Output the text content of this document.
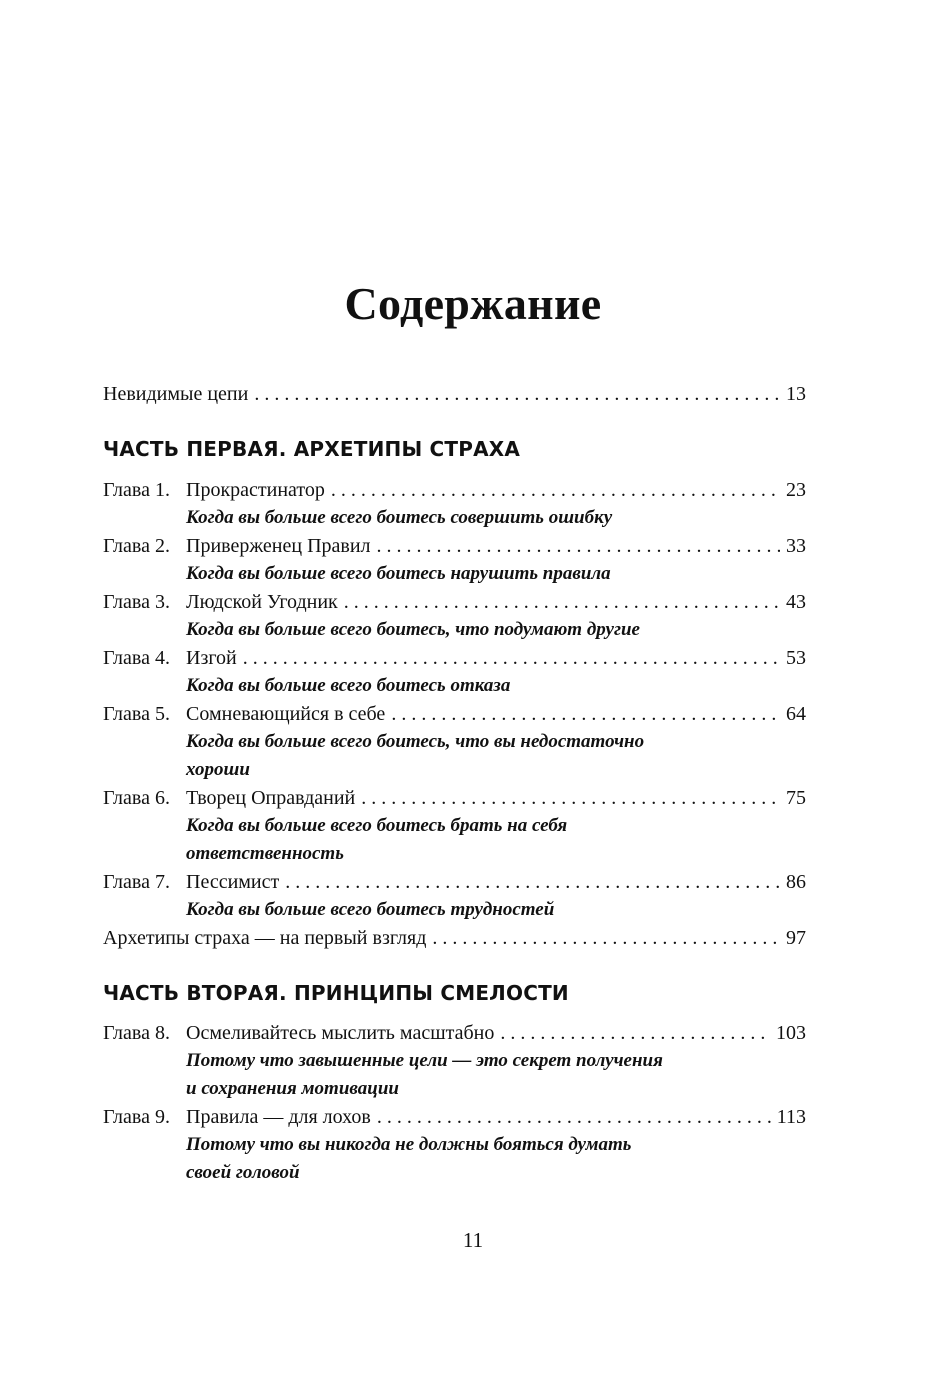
Содержание
Невидимые цепи . . .	13
ЧАСТЬ ПЕРВАЯ. АРХЕТИПЫ СТРАХА
Глава 1. Прокрастинатор . . .	23
Когда вы больше всего боитесь совершить ошибку
Глава 2. Приверженец Правил . . .	33
Когда вы больше всего боитесь нарушить правила
Глава 3. Людской Угодник . . .	43
Когда вы больше всего боитесь, что подумают другие
Глава 4. Изгой . . .	53
Когда вы больше всего боитесь отказа
Глава 5. Сомневающийся в себе . . .	64
Когда вы больше всего боитесь, что вы недостаточно
хороши
Глава 6. Творец Оправданий . . .	75
Когда вы больше всего боитесь брать на себя
ответственность
Глава 7. Пессимист . . .	86
Когда вы больше всего боитесь трудностей
Архетипы страха — на первый взгляд . . .	97
ЧАСТЬ ВТОРАЯ. ПРИНЦИПЫ СМЕЛОСТИ
Глава 8. Осмеливайтесь мыслить масштабно . . .	103
Потому что завышенные цели — это секрет получения
и сохранения мотивации
Глава 9. Правила — для лохов . . .	113
Потому что вы никогда не должны бояться думать
своей головой
11
